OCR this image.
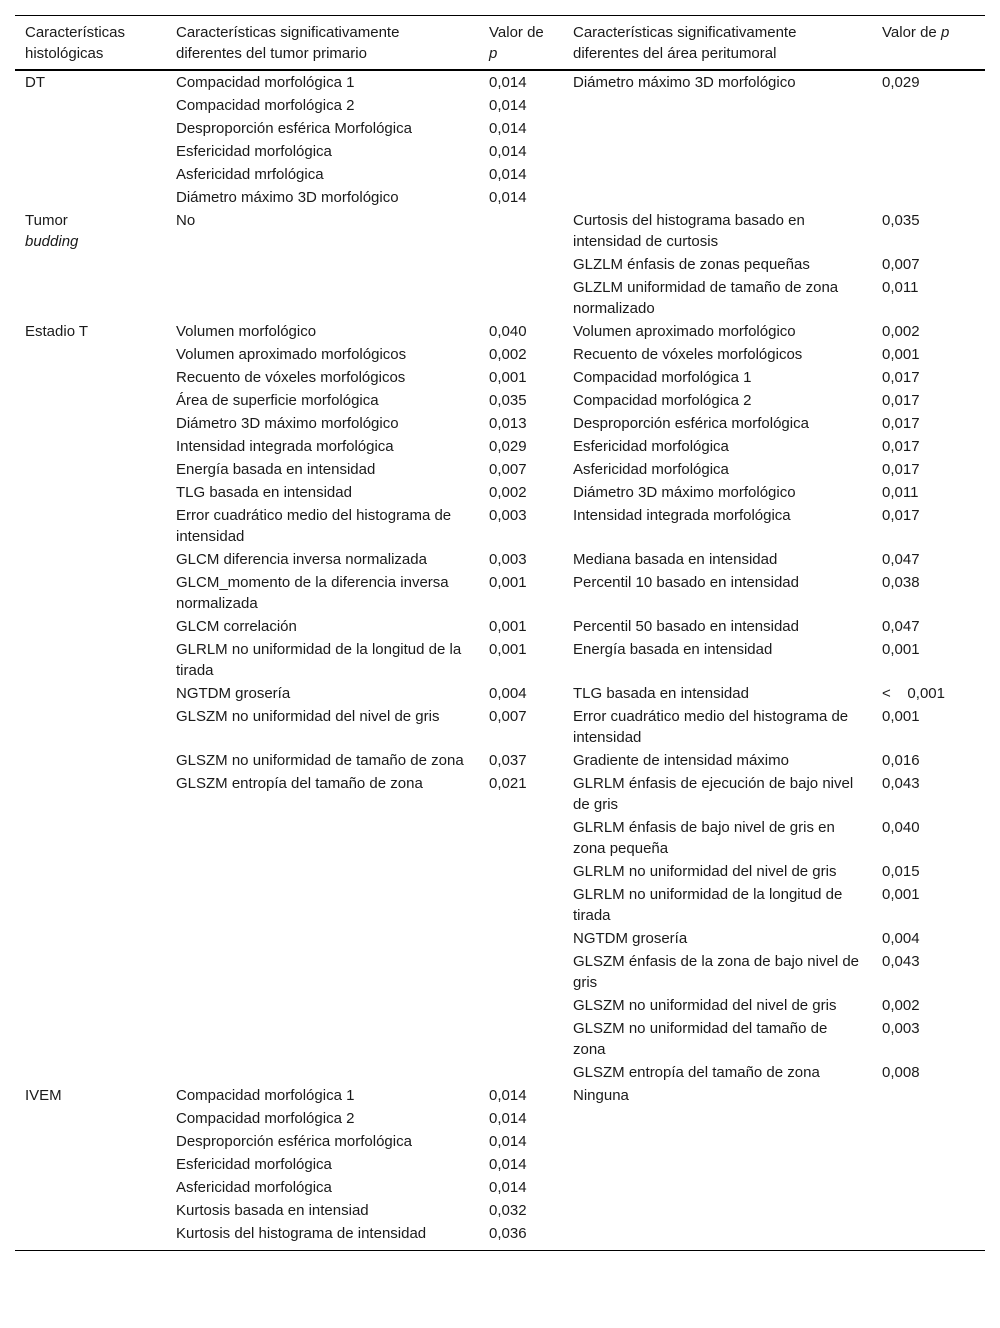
Características histológicas	Características significativamente diferentes del tumor primario	Valor de p	Características significativamente diferentes del área peritumoral	Valor de p
DT	Compacidad morfológica 1	0,014	Diámetro máximo 3D morfológico	0,029
	Compacidad morfológica 2	0,014		
	Desproporción esférica Morfológica	0,014		
	Esfericidad morfológica	0,014		
	Asfericidad mrfológica	0,014		
	Diámetro máximo 3D morfológico	0,014		
Tumor
budding	No		Curtosis del histograma basado en intensidad de curtosis	0,035
			GLZLM énfasis de zonas pequeñas	0,007
			GLZLM uniformidad de tamaño de zona normalizado	0,011
Estadio T	Volumen morfológico	0,040	Volumen aproximado morfológico	0,002
	Volumen aproximado morfológicos	0,002	Recuento de vóxeles morfológicos	0,001
	Recuento de vóxeles morfológicos	0,001	Compacidad morfológica 1	0,017
	Área de superficie morfológica	0,035	Compacidad morfológica 2	0,017
	Diámetro 3D máximo morfológico	0,013	Desproporción esférica morfológica	0,017
	Intensidad integrada morfológica	0,029	Esfericidad morfológica	0,017
	Energía basada en intensidad	0,007	Asfericidad morfológica	0,017
	TLG basada en intensidad	0,002	Diámetro 3D máximo morfológico	0,011
	Error cuadrático medio del histograma de intensidad	0,003	Intensidad integrada morfológica	0,017
	GLCM diferencia inversa normalizada	0,003	Mediana basada en intensidad	0,047
	GLCM_momento de la diferencia inversa normalizada	0,001	Percentil 10 basado en intensidad	0,038
	GLCM correlación	0,001	Percentil 50 basado en intensidad	0,047
	GLRLM no uniformidad de la longitud de la tirada	0,001	Energía basada en intensidad	0,001
	NGTDM grosería	0,004	TLG basada en intensidad	<    0,001
	GLSZM no uniformidad del nivel de gris	0,007	Error cuadrático medio del histograma de intensidad	0,001
	GLSZM no uniformidad de tamaño de zona	0,037	Gradiente de intensidad máximo	0,016
	GLSZM entropía del tamaño de zona	0,021	GLRLM énfasis de ejecución de bajo nivel de gris	0,043
			GLRLM énfasis de bajo nivel de gris en zona pequeña	0,040
			GLRLM no uniformidad del nivel de gris	0,015
			GLRLM no uniformidad de la longitud de tirada	0,001
			NGTDM grosería	0,004
			GLSZM énfasis de la zona de bajo nivel de gris	0,043
			GLSZM no uniformidad del nivel de gris	0,002
			GLSZM no uniformidad del tamaño de zona	0,003
			GLSZM entropía del tamaño de zona	0,008
IVEM	Compacidad morfológica 1	0,014	Ninguna	
	Compacidad morfológica 2	0,014		
	Desproporción esférica morfológica	0,014		
	Esfericidad morfológica	0,014		
	Asfericidad morfológica	0,014		
	Kurtosis basada en intensiad	0,032		
	Kurtosis del histograma de intensidad	0,036		
